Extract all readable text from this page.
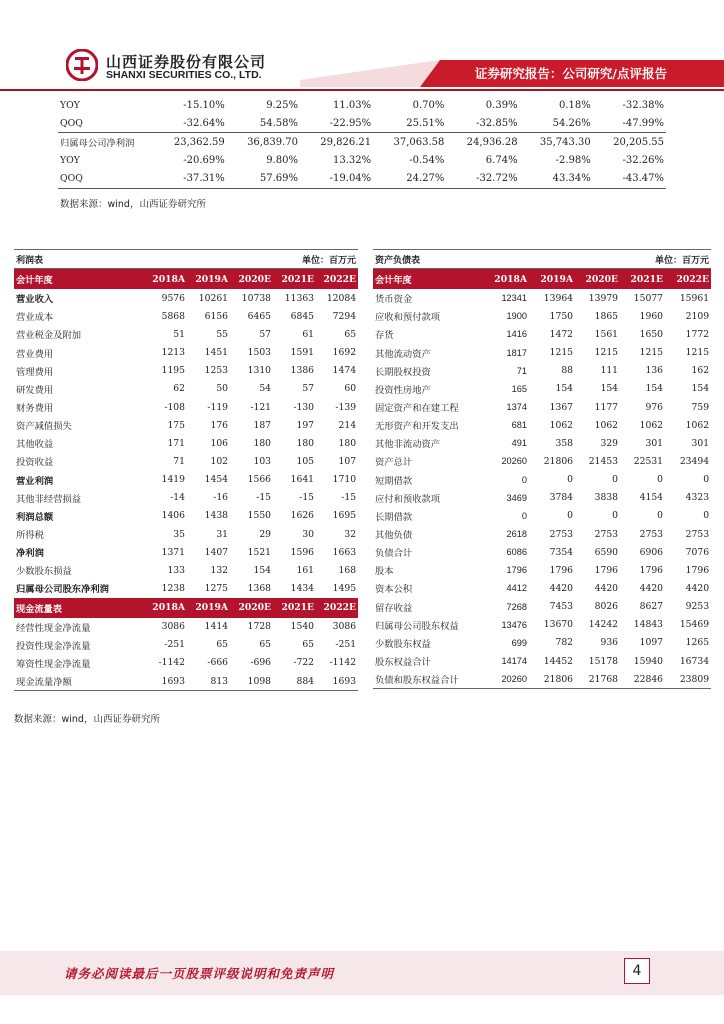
山西证券股份有限公司
SHANXI SECURITIES CO., LTD.	证券研究报告：公司研究/点评报告
YOY	-15.10%	9.25%	11.03%	0.70%	0.39%	0.18%	-32.38%
QOQ	-32.64%	54.58%	-22.95%	25.51%	-32.85%	54.26%	-47.99%
归属母公司净利润	23,362.59	36,839.70	29,826.21	37,063.58	24,936.28	35,743.30	20,205.55
YOY	-20.69%	9.80%	13.32%	-0.54%	6.74%	-2.98%	-32.26%
QOQ	-37.31%	57.69%	-19.04%	24.27%	-32.72%	43.34%	-43.47%
数据来源：wind，山西证券研究所
利润表			单位：百万元		
会计年度	2018A	2019A	2020E	2021E	2022E
营业收入	9576	10261	10738	11363	12084
营业成本	5868	6156	6465	6845	7294
营业税金及附加	51	55	57	61	65
营业费用	1213	1451	1503	1591	1692
管理费用	1195	1253	1310	1386	1474
研发费用	62	50	54	57	60
财务费用	-108	-119	-121	-130	-139
资产减值损失	175	176	187	197	214
其他收益	171	106	180	180	180
投资收益	71	102	103	105	107
营业利润	1419	1454	1566	1641	1710
其他非经营损益	-14	-16	-15	-15	-15
利润总额	1406	1438	1550	1626	1695
所得税	35	31	29	30	32
净利润	1371	1407	1521	1596	1663
少数股东损益	133	132	154	161	168
归属母公司股东净利润	1238	1275	1368	1434	1495
现金流量表	2018A	2019A	2020E	2021E	2022E
经营性现金净流量	3086	1414	1728	1540	3086
投资性现金净流量	-251	65	65	65	-251
筹资性现金净流量	-1142	-666	-696	-722	-1142
现金流量净额	1693	813	1098	884	1693
资产负债表			单位：百万元		
会计年度	2018A	2019A	2020E	2021E	2022E
货币资金	12341	13964	13979	15077	15961
应收和预付款项	1900	1750	1865	1960	2109
存货	1416	1472	1561	1650	1772
其他流动资产	1817	1215	1215	1215	1215
长期股权投资	71	88	111	136	162
投资性房地产	165	154	154	154	154
固定资产和在建工程	1374	1367	1177	976	759
无形资产和开发支出	681	1062	1062	1062	1062
其他非流动资产	491	358	329	301	301
资产总计	20260	21806	21453	22531	23494
短期借款	0	0	0	0	0
应付和预收款项	3469	3784	3838	4154	4323
长期借款	0	0	0	0	0
其他负债	2618	2753	2753	2753	2753
负债合计	6086	7354	6590	6906	7076
股本	1796	1796	1796	1796	1796
资本公积	4412	4420	4420	4420	4420
留存收益	7268	7453	8026	8627	9253
归属母公司股东权益	13476	13670	14242	14843	15469
少数股东权益	699	782	936	1097	1265
股东权益合计	14174	14452	15178	15940	16734
负债和股东权益合计	20260	21806	21768	22846	23809
数据来源：wind，山西证券研究所
请务必阅读最后一页股票评级说明和免责声明	4
